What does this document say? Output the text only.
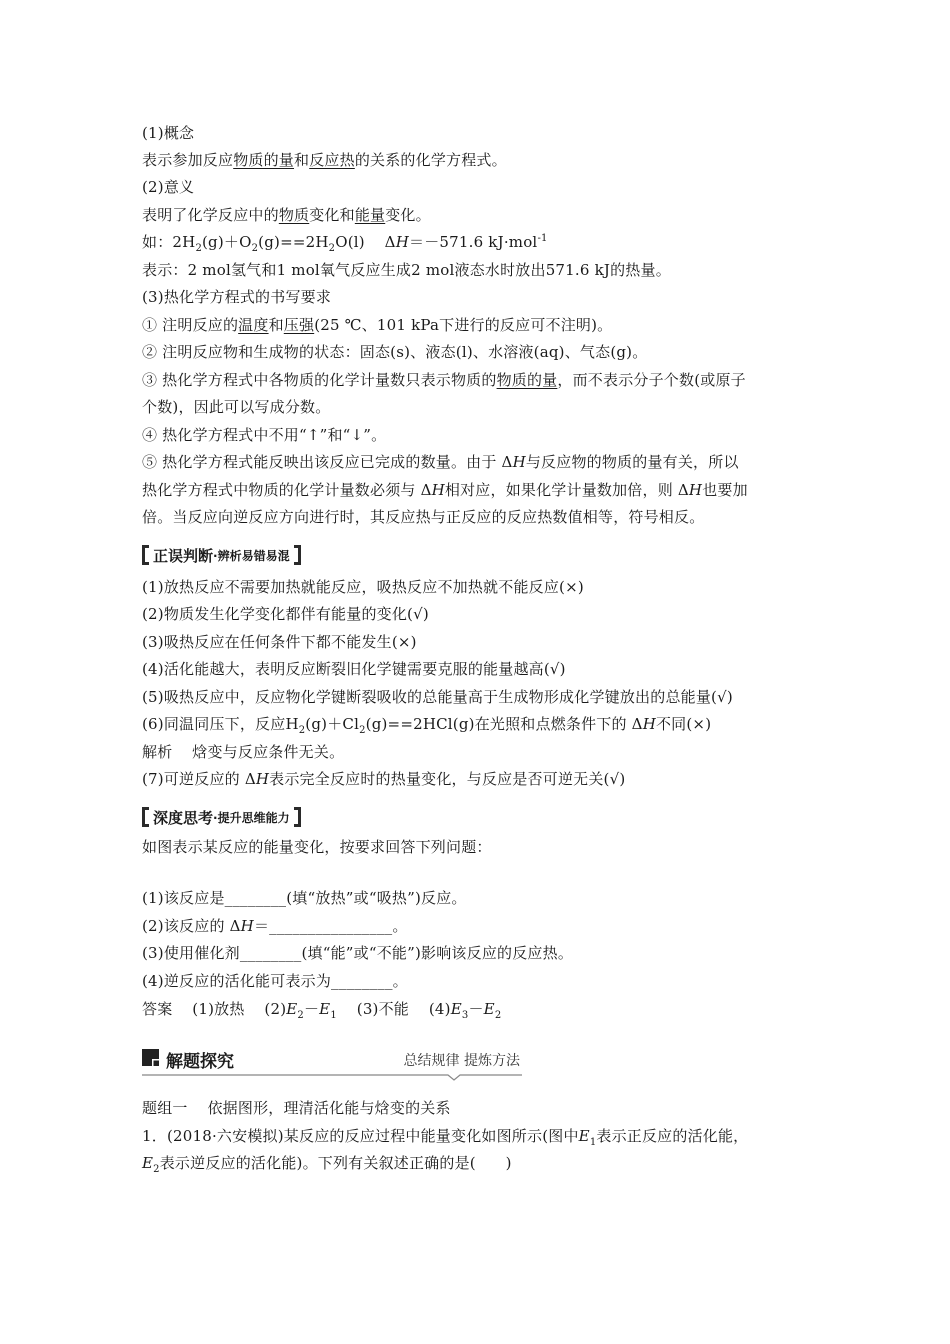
(1)概念
表示参加反应物质的量和反应热的关系的化学方程式。
(2)意义
表明了化学反应中的物质变化和能量变化。
如：$2H_2(g)+O_2(g)==2H_2O(l)$    ΔH＝－571.6 kJ·mol$^{-1}$
表示：2 mol氢气和1 mol氧气反应生成2 mol液态水时放出571.6 kJ的热量。
(3)热化学方程式的书写要求
① 注明反应的温度和压强(25 ℃、101 kPa下进行的反应可不注明)。
② 注明反应物和生成物的状态：固态(s)、液态(l)、水溶液(aq)、气态(g)。
③ 热化学方程式中各物质的化学计量数只表示物质的物质的量，而不表示分子个数(或原子
个数)，因此可以写成分数。
④ 热化学方程式中不用“↑”和“↓”。
⑤ 热化学方程式能反映出该反应已完成的数量。由于 ΔH与反应物的物质的量有关，所以
热化学方程式中物质的化学计量数必须与 ΔH相对应，如果化学计量数加倍，则 ΔH也要加
倍。当反应向逆反应方向进行时，其反应热与正反应的反应热数值相等，符号相反。
正误判断 ·辨析易错易混
(1)放热反应不需要加热就能反应，吸热反应不加热就不能反应(×)
(2)物质发生化学变化都伴有能量的变化(√)
(3)吸热反应在任何条件下都不能发生(×)
(4)活化能越大，表明反应断裂旧化学键需要克服的能量越高(√)
(5)吸热反应中，反应物化学键断裂吸收的总能量高于生成物形成化学键放出的总能量(√)
(6)同温同压下，反应$H_2(g)+Cl_2(g)==2HCl(g)$在光照和点燃条件下的 ΔH不同(×)
解析    焓变与反应条件无关。
(7)可逆反应的 ΔH表示完全反应时的热量变化，与反应是否可逆无关(√)
深度思考 ·提升思维能力
如图表示某反应的能量变化，按要求回答下列问题：
(1)该反应是________(填“放热”或“吸热”)反应。
(2)该反应的 ΔH＝________________。
(3)使用催化剂________(填“能”或“不能”)影响该反应的反应热。
(4)逆反应的活化能可表示为________。
答案    (1)放热    $(2)E_2-E_1$    (3)不能    $(4)E_3-E_2$
解题探究	总结规律 提炼方法
题组一    依据图形，理清活化能与焓变的关系
1．(2018·六安模拟)某反应的反应过程中能量变化如图所示(图中$E_1$表示正反应的活化能，
$E_2$表示逆反应的活化能)。下列有关叙述正确的是(      )
